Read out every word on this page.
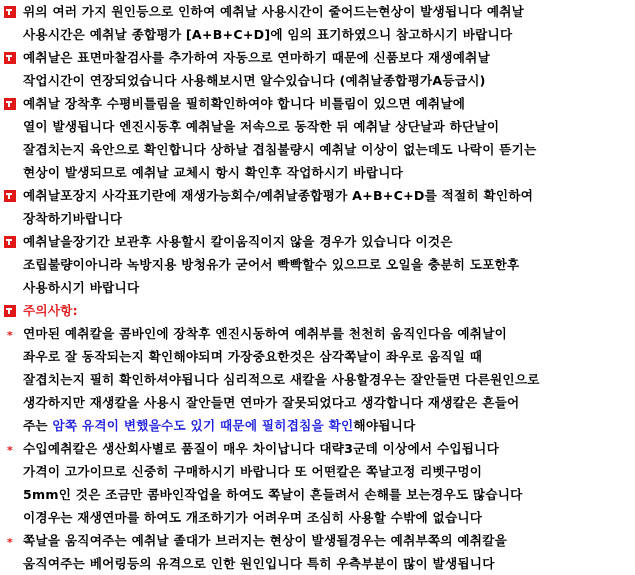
위의 여러 가지 원인등으로 인하여 예취날 사용시간이 줄어드는현상이 발생됩니다 예취날
사용시간은 예취날 종합평가 [A+B+C+D]에 임의 표기하였으니 참고하시기 바랍니다
예취날은 표면마찰검사를 추가하여 자동으로 연마하기 때문에 신품보다 재생예취날
작업시간이 연장되었습니다 사용해보시면 알수있습니다 (예취날종합평가A등급시)
예취날 장착후 수평비틀림을 필히확인하여야 합니다 비틀림이 있으면 예취날에
열이 발생됩니다 엔진시동후 예취날을 저속으로 동작한 뒤 예취날 상단날과 하단날이
잘겹치는지 육안으로 확인합니다 상하날 겹침불량시 예취날 이상이 없는데도 나락이 뜯기는
현상이 발생되므로 예취날 교체시 항시 확인후 작업하시기 바랍니다
예취날포장지 사각표기란에 재생가능회수/예취날종합평가 A+B+C+D를 적절히 확인하여
장착하기바랍니다
예취날을장기간 보관후 사용할시 칼이움직이지 않을 경우가 있습니다 이것은
조립불량이아니라 녹방지용 방청유가 굳어서 빡빡할수 있으므로 오일을 충분히 도포한후
사용하시기 바랍니다
주의사항:
* 연마된 예취칼을 콤바인에 장착후 엔진시동하여 예취부를 천천히 움직인다음 예취날이
좌우로 잘 동작되는지 확인해야되며 가장중요한것은 삼각쪽날이 좌우로 움직일 때
잘겹치는지 필히 확인하셔야됩니다 심리적으로 새칼을 사용할경우는 잘안들면 다른원인으로
생각하지만 재생칼을 사용시 잘안들면 연마가 잘못되었다고 생각합니다 재생칼은 흔들어
주는 암쪽 유격이 변했을수도 있기 때문에 필히겹침을 확인해야됩니다
* 수입예취칼은 생산회사별로 품질이 매우 차이납니다 대략3군데 이상에서 수입됩니다
가격이 고가이므로 신중히 구매하시기 바랍니다 또 어떤칼은 쪽날고정 리벳구멍이
5mm인 것은 조금만 콤바인작업을 하여도 쪽날이 흔들려서 손해를 보는경우도 많습니다
이경우는 재생연마를 하여도 개조하기가 어려우며 조심히 사용할 수밖에 없습니다
* 쪽날을 움직여주는 예취날 졸대가 브러지는 현상이 발생될경우는 예취부쪽의 예취칼을
움직여주는 베어링등의 유격으로 인한 원인입니다 특히 우측부분이 많이 발생됩니다
